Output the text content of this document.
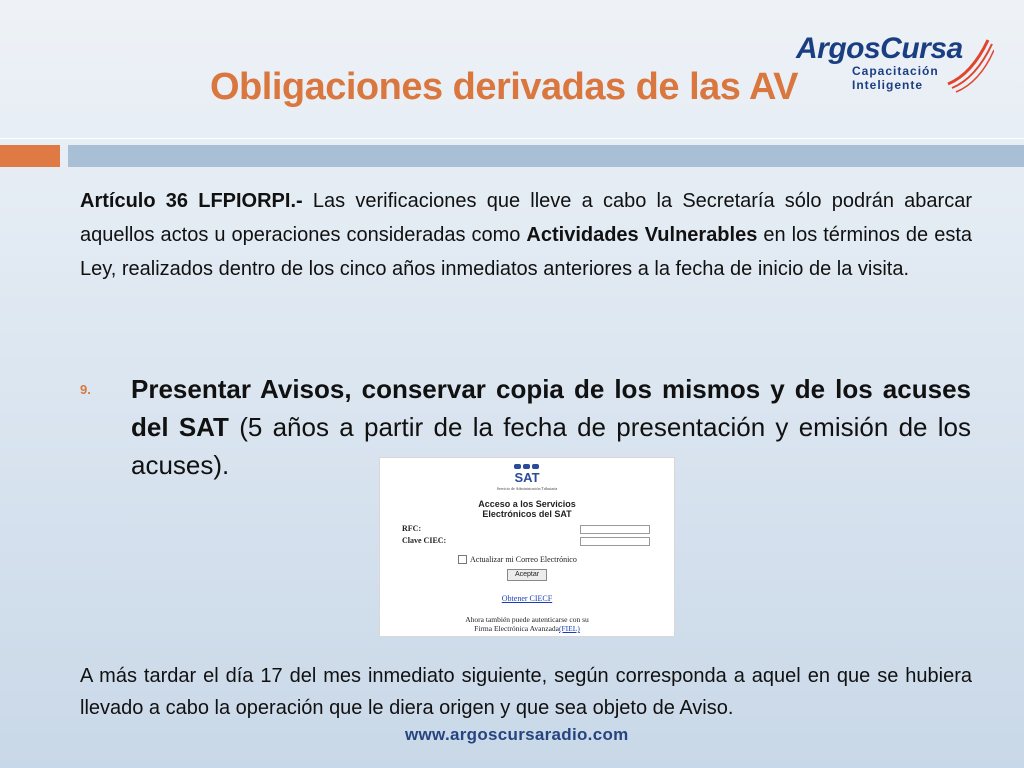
Obligaciones derivadas de las AV
ArgosCursa
Capacitación
Inteligente
Artículo 36 LFPIORPI.- Las verificaciones que lleve a cabo la Secretaría sólo podrán abarcar aquellos actos u operaciones consideradas como Actividades Vulnerables en los términos de esta Ley, realizados dentro de los cinco años inmediatos anteriores a la fecha de inicio de la visita.
9. Presentar Avisos, conservar copia de los mismos y de los acuses del SAT (5 años a partir de la fecha de presentación y emisión de los acuses).	SAT
Servicio de Administración Tributaria
Acceso a los Servicios
Electrónicos del SAT
RFC:
Clave CIEC:
Actualizar mi Correo Electrónico
Aceptar
Obtener CIECF
Ahora también puede autenticarse con su
Firma Electrónica Avanzada(FIEL)
A más tardar el día 17 del mes inmediato siguiente, según corresponda a aquel en que se hubiera llevado a cabo la operación que le diera origen y que sea objeto de Aviso.
www.argoscursaradio.com
